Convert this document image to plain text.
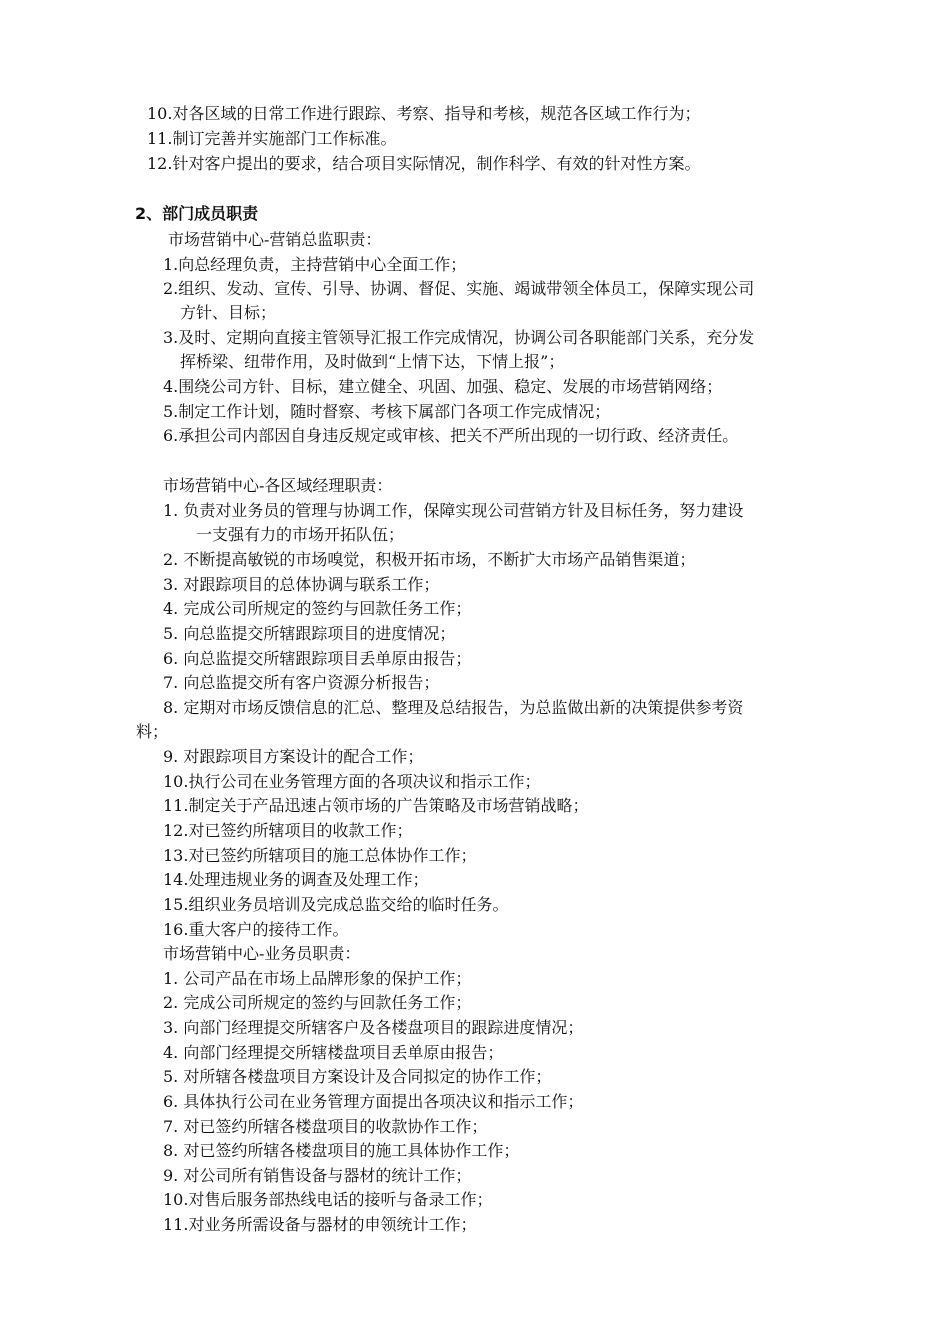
10.对各区域的日常工作进行跟踪、考察、指导和考核，规范各区域工作行为；
11.制订完善并实施部门工作标准。
12.针对客户提出的要求，结合项目实际情况，制作科学、有效的针对性方案。
2、部门成员职责
市场营销中心-营销总监职责：
1.向总经理负责，主持营销中心全面工作；
2.组织、发动、宣传、引导、协调、督促、实施、竭诚带领全体员工，保障实现公司
方针、目标；
3.及时、定期向直接主管领导汇报工作完成情况，协调公司各职能部门关系，充分发
挥桥梁、纽带作用，及时做到“上情下达，下情上报”；
4.围绕公司方针、目标，建立健全、巩固、加强、稳定、发展的市场营销网络；
5.制定工作计划，随时督察、考核下属部门各项工作完成情况；
6.承担公司内部因自身违反规定或审核、把关不严所出现的一切行政、经济责任。
市场营销中心-各区域经理职责：
1. 负责对业务员的管理与协调工作，保障实现公司营销方针及目标任务，努力建设
一支强有力的市场开拓队伍；
2. 不断提高敏锐的市场嗅觉，积极开拓市场，不断扩大市场产品销售渠道；
3. 对跟踪项目的总体协调与联系工作；
4. 完成公司所规定的签约与回款任务工作；
5. 向总监提交所辖跟踪项目的进度情况；
6. 向总监提交所辖跟踪项目丢单原由报告；
7. 向总监提交所有客户资源分析报告；
8. 定期对市场反馈信息的汇总、整理及总结报告，为总监做出新的决策提供参考资
料；
9. 对跟踪项目方案设计的配合工作；
10.执行公司在业务管理方面的各项决议和指示工作；
11.制定关于产品迅速占领市场的广告策略及市场营销战略；
12.对已签约所辖项目的收款工作；
13.对已签约所辖项目的施工总体协作工作；
14.处理违规业务的调查及处理工作；
15.组织业务员培训及完成总监交给的临时任务。
16.重大客户的接待工作。
市场营销中心-业务员职责：
1. 公司产品在市场上品牌形象的保护工作；
2. 完成公司所规定的签约与回款任务工作；
3. 向部门经理提交所辖客户及各楼盘项目的跟踪进度情况；
4. 向部门经理提交所辖楼盘项目丢单原由报告；
5. 对所辖各楼盘项目方案设计及合同拟定的协作工作；
6. 具体执行公司在业务管理方面提出各项决议和指示工作；
7. 对已签约所辖各楼盘项目的收款协作工作；
8. 对已签约所辖各楼盘项目的施工具体协作工作；
9. 对公司所有销售设备与器材的统计工作；
10.对售后服务部热线电话的接听与备录工作；
11.对业务所需设备与器材的申领统计工作；
